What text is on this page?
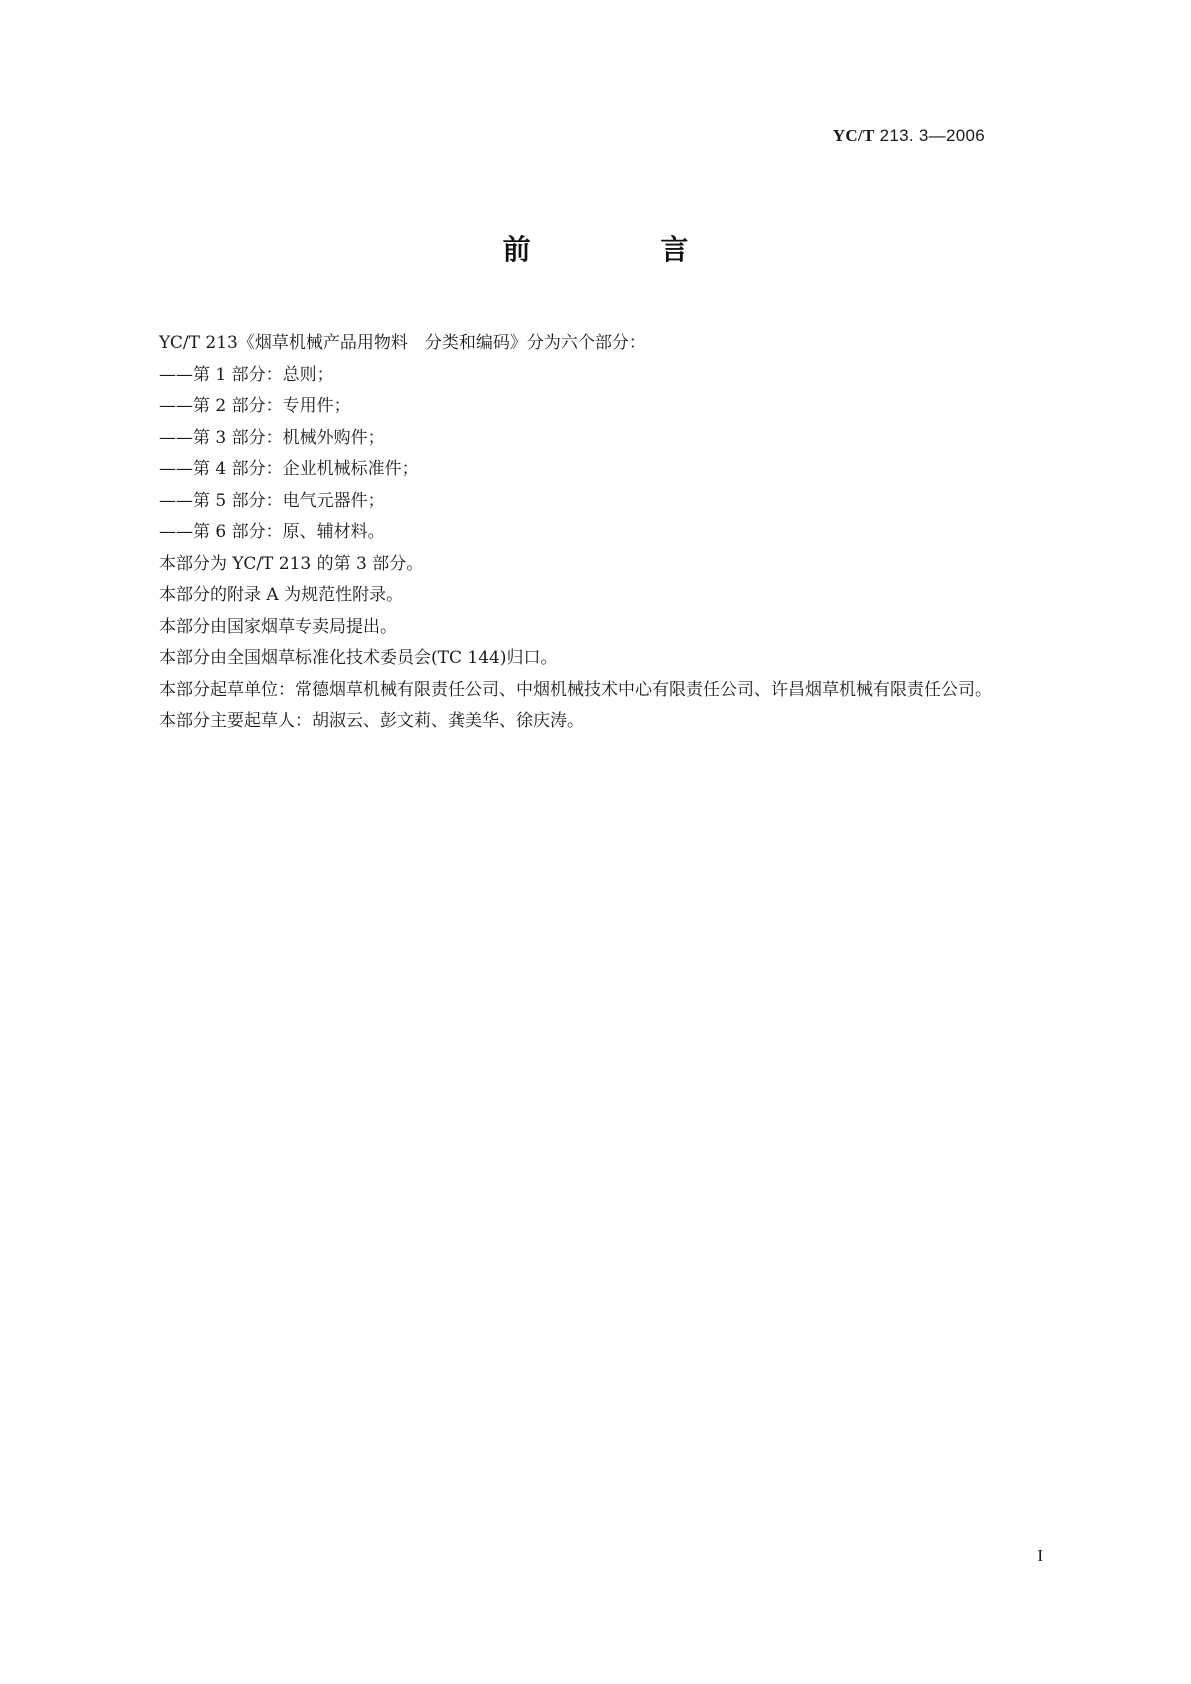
YC/T 213. 3—2006
前 言

YC/T 213《烟草机械产品用物料　分类和编码》分为六个部分：

——第 1 部分：总则；

——第 2 部分：专用件；

——第 3 部分：机械外购件；

——第 4 部分：企业机械标准件；

——第 5 部分：电气元器件；

——第 6 部分：原、辅材料。

本部分为 YC/T 213 的第 3 部分。

本部分的附录 A 为规范性附录。

本部分由国家烟草专卖局提出。

本部分由全国烟草标准化技术委员会(TC 144)归口。

本部分起草单位：常德烟草机械有限责任公司、中烟机械技术中心有限责任公司、许昌烟草机械有限责任公司。

本部分主要起草人：胡淑云、彭文莉、龚美华、徐庆涛。

I
